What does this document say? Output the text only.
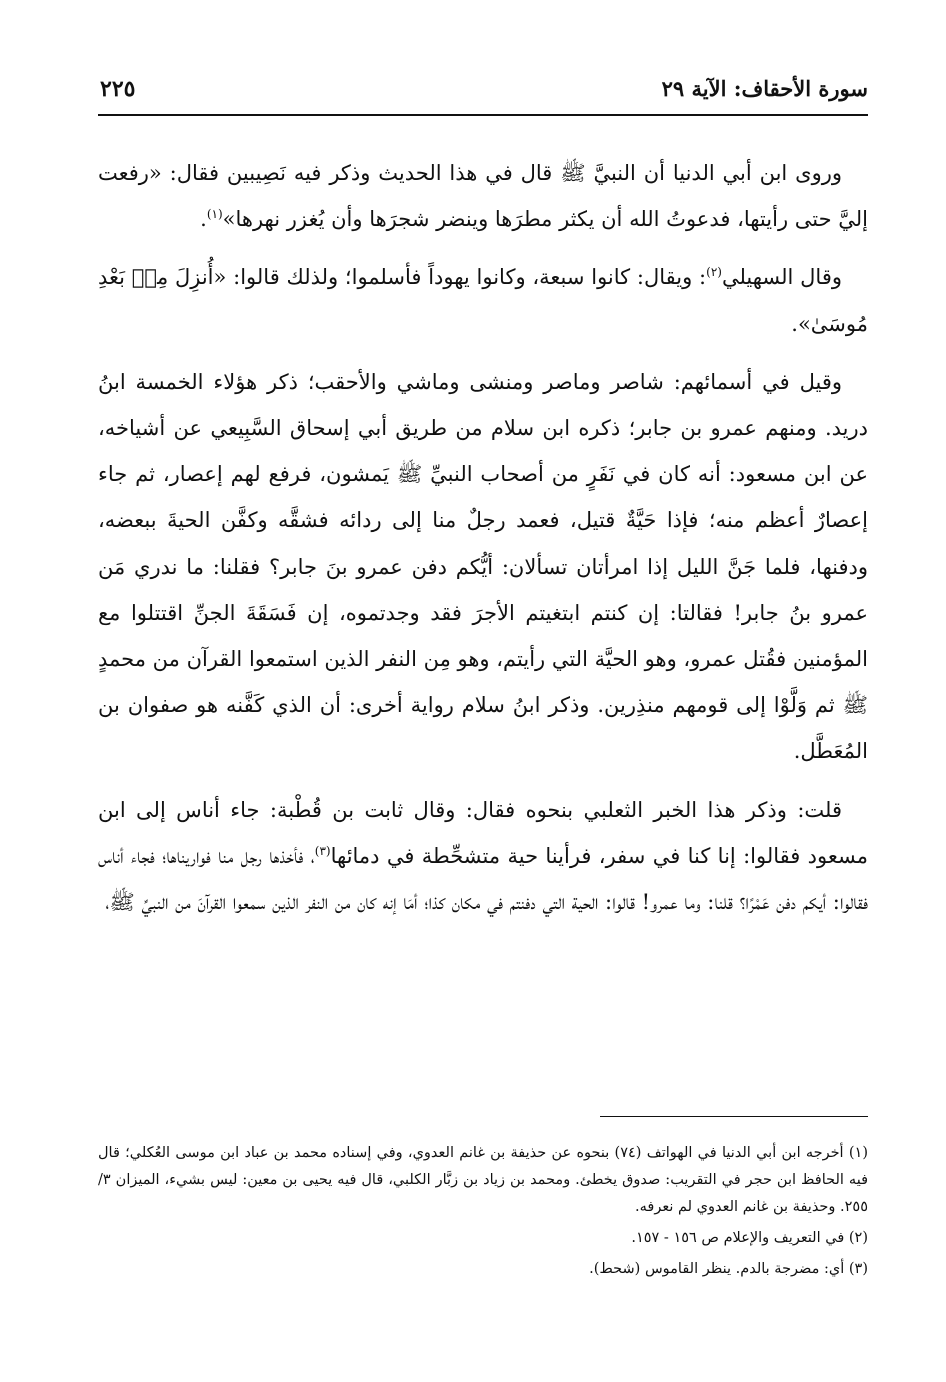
سورة الأحقاف: الآية ٢٩
٢٢٥

وروى ابن أبي الدنيا أن النبيَّ ﷺ قال في هذا الحديث وذكر فيه نَصِيبين فقال: «رفعت إليَّ حتى رأيتها، فدعوتُ الله أن يكثر مطرَها وينضر شجرَها وأن يُغزر نهرها»$^{(١)}$.

وقال السهيلي$^{(٢)}$: ويقال: كانوا سبعة، وكانوا يهوداً فأسلموا؛ ولذلك قالوا: «أُنزِلَ مِنۢ بَعْدِ مُوسَىٰ».

وقيل في أسمائهم: شاصر وماصر ومنشى وماشي والأحقب؛ ذكر هؤلاء الخمسة ابنُ دريد. ومنهم عمرو بن جابر؛ ذكره ابن سلام من طريق أبي إسحاق السَّبِيعي عن أشياخه، عن ابن مسعود: أنه كان في نَفَرٍ من أصحاب النبيِّ ﷺ يَمشون، فرفع لهم إعصار، ثم جاء إعصارٌ أعظم منه؛ فإذا حَيَّةٌ قتيل، فعمد رجلٌ منا إلى ردائه فشقَّه وكفَّن الحيةَ ببعضه، ودفنها، فلما جَنَّ الليل إذا امرأتان تسألان: أيُّكم دفن عمرو بنَ جابر؟ فقلنا: ما ندري مَن عمرو بنُ جابر! فقالتا: إن كنتم ابتغيتم الأجرَ فقد وجدتموه، إن فَسَقَةَ الجنِّ اقتتلوا مع المؤمنين فقُتل عمرو، وهو الحيَّة التي رأيتم، وهو مِن النفر الذين استمعوا القرآن من محمدٍ ﷺ ثم وَلَّوْا إلى قومهم منذِرين. وذكر ابنُ سلام رواية أخرى: أن الذي كَفَّنه هو صفوان بن المُعَطَّل.

قلت: وذكر هذا الخبر الثعلبي بنحوه فقال: وقال ثابت بن قُطْبة: جاء أناس إلى ابن مسعود فقالوا: إنا كنا في سفر، فرأينا حية متشحِّطة في دمائها$^{(٣)}$، فأخذها رجل منا فواريناها؛ فجاء أناس فقالوا: أيكم دفن عَمْرًا؟ قلنا: وما عمرو! قالوا: الحية التي دفنتم في مكان كذا؛ أمَا إنه كان من النفر الذين سمعوا القرآنَ من النبيِّ ﷺ،

(١) أخرجه ابن أبي الدنيا في الهواتف (٧٤) بنحوه عن حذيفة بن غانم العدوي، وفي إسناده محمد بن عباد ابن موسى العُكلي؛ قال فيه الحافظ ابن حجر في التقريب: صدوق يخطئ. ومحمد بن زياد بن زبَّار الكلبي، قال فيه يحيى بن معين: ليس بشيء، الميزان ٣/ ٢٥٥. وحذيفة بن غانم العدوي لم نعرفه.
(٢) في التعريف والإعلام ص ١٥٦ - ١٥٧.
(٣) أي: مضرجة بالدم. ينظر القاموس (شحط).
